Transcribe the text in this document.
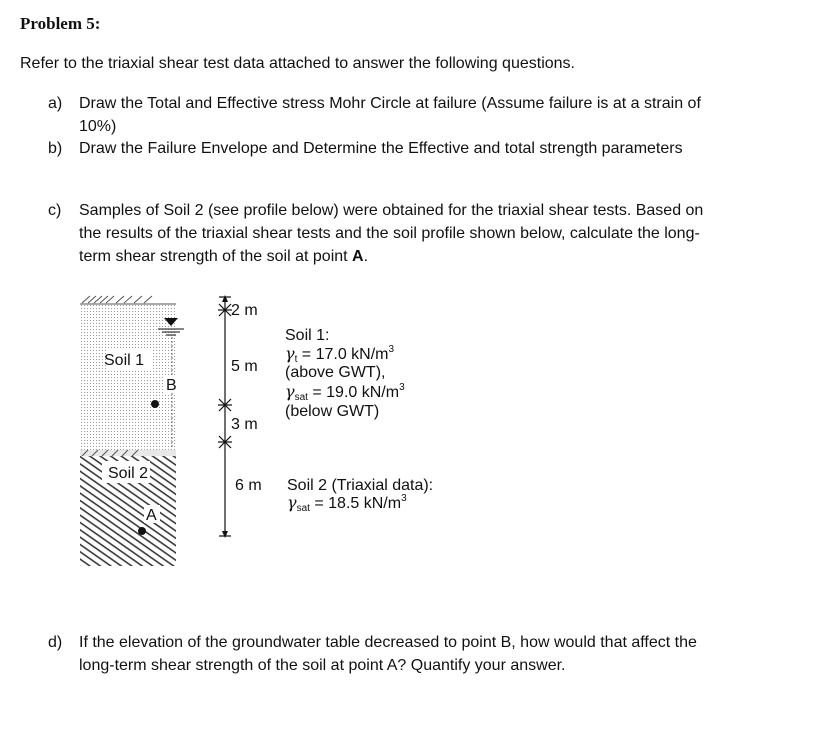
Problem 5:
Refer to the triaxial shear test data attached to answer the following questions.
a) Draw the Total and Effective stress Mohr Circle at failure (Assume failure is at a strain of
10%)
b) Draw the Failure Envelope and Determine the Effective and total strength parameters
c) Samples of Soil 2 (see profile below) were obtained for the triaxial shear tests. Based on
the results of the triaxial shear tests and the soil profile shown below, calculate the long-
term shear strength of the soil at point A.
d) If the elevation of the groundwater table decreased to point B, how would that affect the
long-term shear strength of the soil at point A? Quantify your answer.
Soil 1
Soil 2
B
A
2 m
5 m
3 m
6 m
Soil 1:
γt = 17.0 $kN/m^3$
(above GWT),
γsat = 19.0 $kN/m^3$
(below GWT)
Soil 2 (Triaxial data):
γsat = 18.5 $kN/m^3$
